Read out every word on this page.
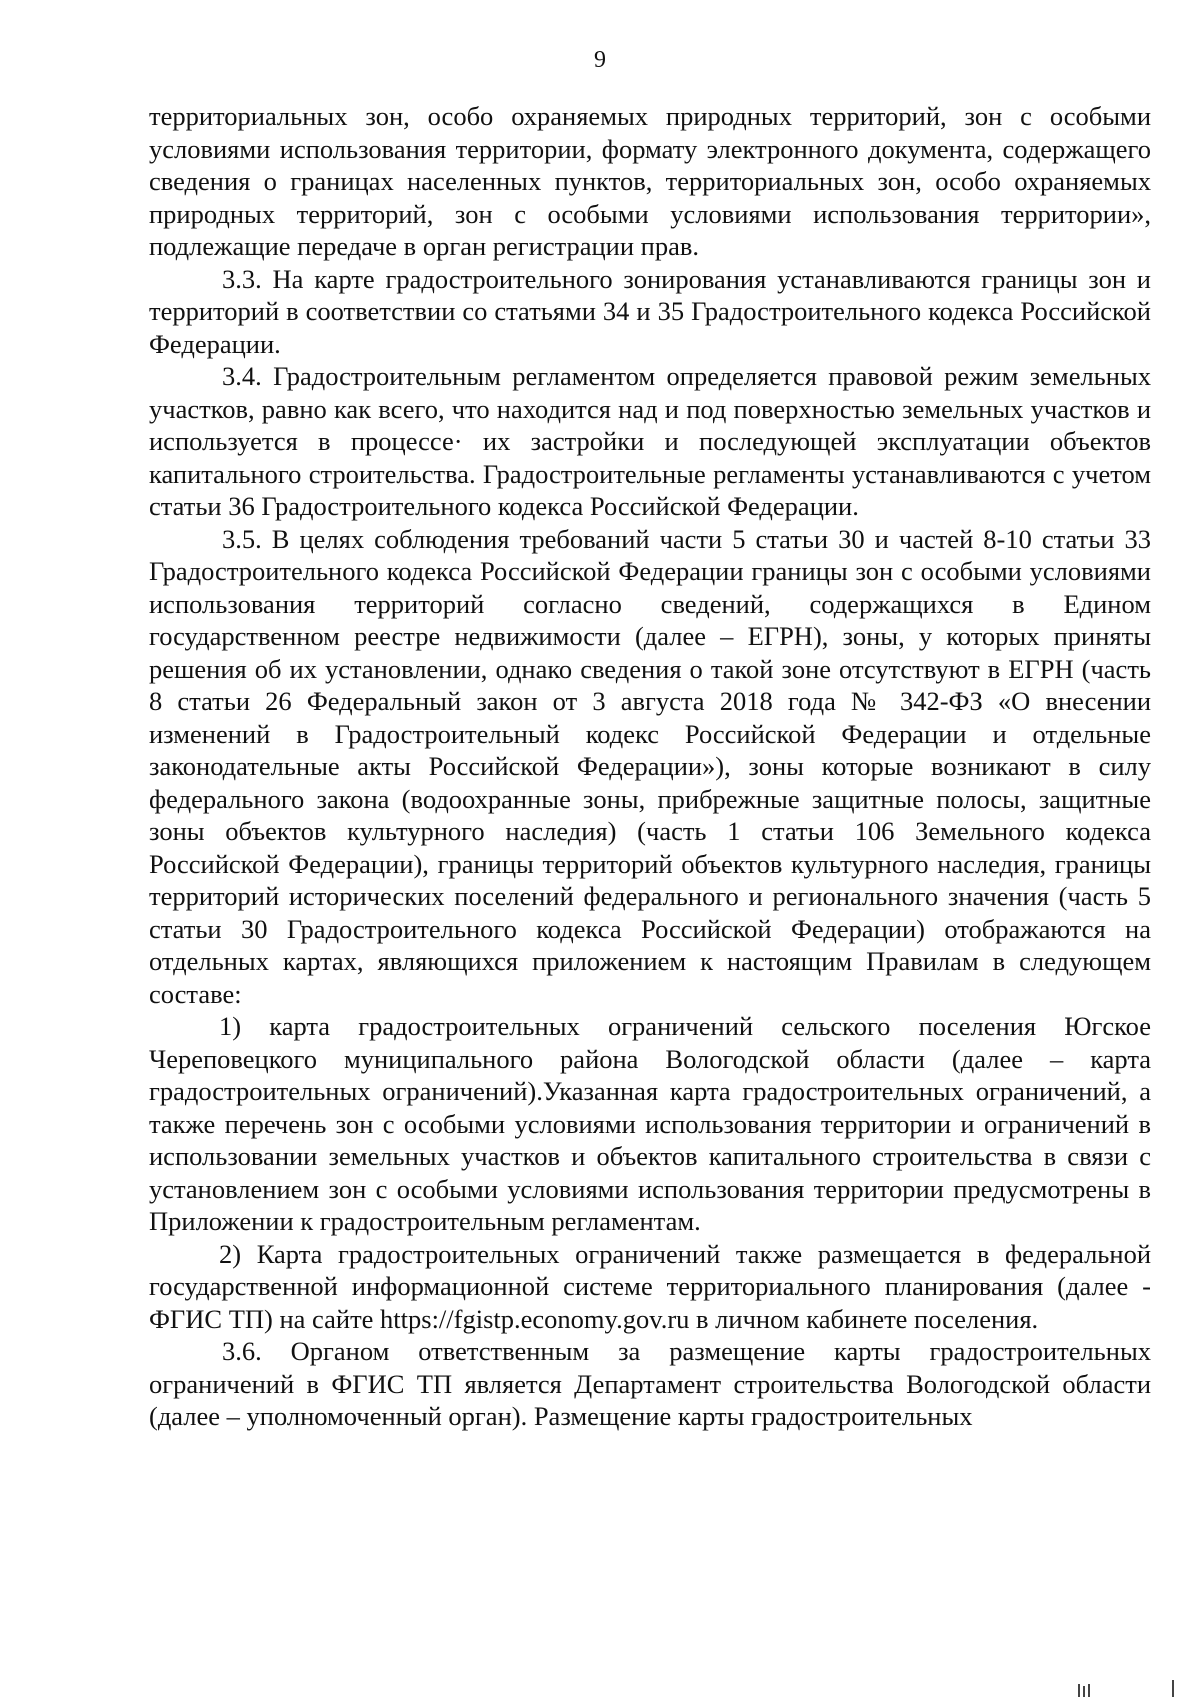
9

территориальных зон, особо охраняемых природных территорий, зон с особыми условиями использования территории, формату электронного документа, содержащего сведения о границах населенных пунктов, территориальных зон, особо охраняемых природных территорий, зон с особыми условиями использования территории», подлежащие передаче в орган регистрации прав.

3.3. На карте градостроительного зонирования устанавливаются границы зон и территорий в соответствии со статьями 34 и 35 Градостроительного кодекса Российской Федерации.

3.4. Градостроительным регламентом определяется правовой режим земельных участков, равно как всего, что находится над и под поверхностью земельных участков и используется в процессе· их застройки и последующей эксплуатации объектов капитального строительства. Градостроительные регламенты устанавливаются с учетом статьи 36 Градостроительного кодекса Российской Федерации.

3.5. В целях соблюдения требований части 5 статьи 30 и частей 8-10 статьи 33 Градостроительного кодекса Российской Федерации границы зон с особыми условиями использования территорий согласно сведений, содержащихся в Едином государственном реестре недвижимости (далее – ЕГРН), зоны, у которых приняты решения об их установлении, однако сведения о такой зоне отсутствуют в ЕГРН (часть 8 статьи 26 Федеральный закон от 3 августа 2018 года № 342-ФЗ «О внесении изменений в Градостроительный кодекс Российской Федерации и отдельные законодательные акты Российской Федерации»), зоны которые возникают в силу федерального закона (водоохранные зоны, прибрежные защитные полосы, защитные зоны объектов культурного наследия) (часть 1 статьи 106 Земельного кодекса Российской Федерации), границы территорий объектов культурного наследия, границы территорий исторических поселений федерального и регионального значения (часть 5 статьи 30 Градостроительного кодекса Российской Федерации) отображаются на отдельных картах, являющихся приложением к настоящим Правилам в следующем составе:

1) карта градостроительных ограничений сельского поселения Югское Череповецкого муниципального района Вологодской области (далее – карта градостроительных ограничений).Указанная карта градостроительных ограничений, а также перечень зон с особыми условиями использования территории и ограничений в использовании земельных участков и объектов капитального строительства в связи с установлением зон с особыми условиями использования территории предусмотрены в Приложении к градостроительным регламентам.

2) Карта градостроительных ограничений также размещается в федеральной государственной информационной системе территориального планирования (далее - ФГИС ТП) на сайте https://fgistp.economy.gov.ru в личном кабинете поселения.

3.6. Органом ответственным за размещение карты градостроительных ограничений в ФГИС ТП является Департамент строительства Вологодской области (далее – уполномоченный орган). Размещение карты градостроительных
